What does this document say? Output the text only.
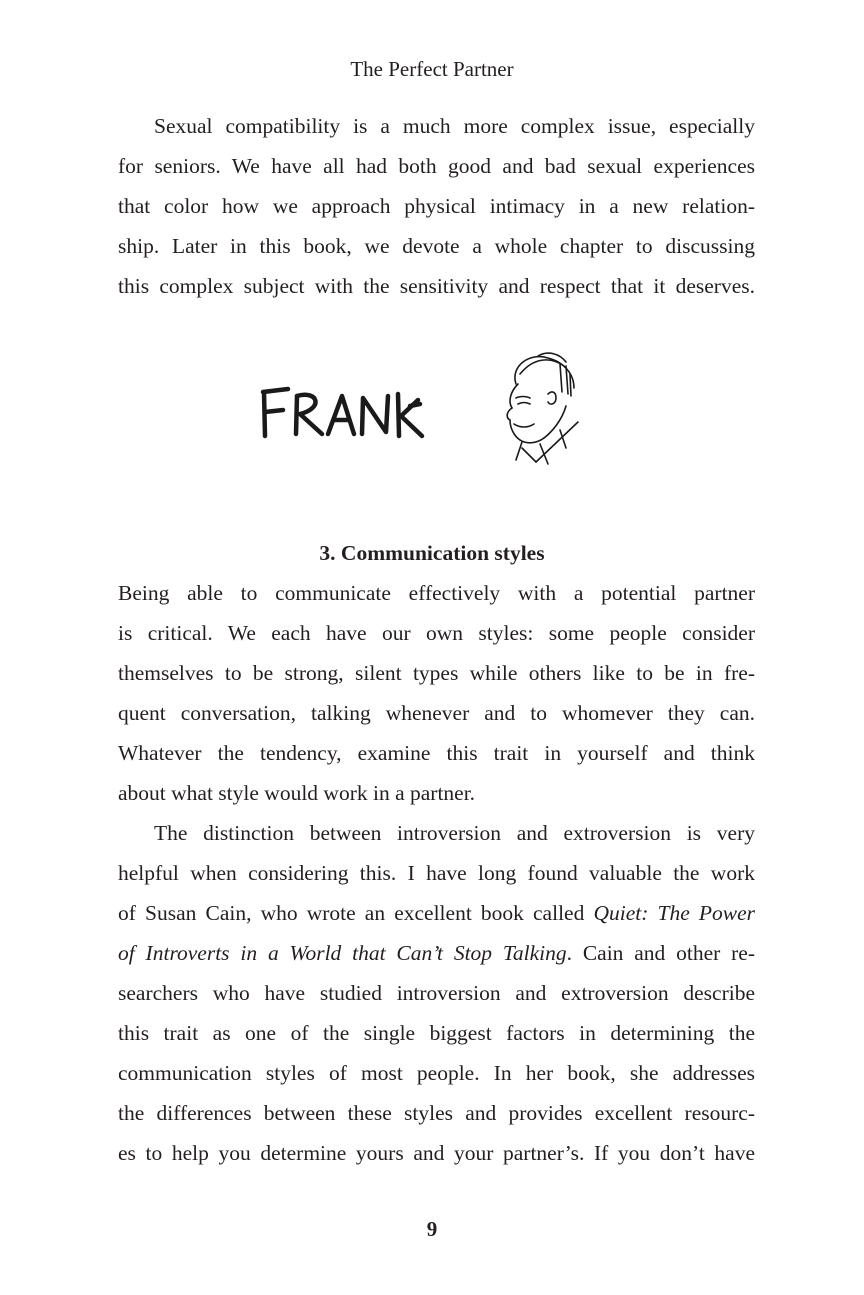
The Perfect Partner
Sexual compatibility is a much more complex issue, especially
for seniors. We have all had both good and bad sexual experiences
that color how we approach physical intimacy in a new relation-
ship. Later in this book, we devote a whole chapter to discussing
this complex subject with the sensitivity and respect that it deserves.
3. Communication styles
Being able to communicate effectively with a potential partner
is critical. We each have our own styles: some people consider
themselves to be strong, silent types while others like to be in fre-
quent conversation, talking whenever and to whomever they can.
Whatever the tendency, examine this trait in yourself and think
about what style would work in a partner.
The distinction between introversion and extroversion is very
helpful when considering this. I have long found valuable the work
of Susan Cain, who wrote an excellent book called Quiet: The Power
of Introverts in a World that Can’t Stop Talking. Cain and other re-
searchers who have studied introversion and extroversion describe
this trait as one of the single biggest factors in determining the
communication styles of most people. In her book, she addresses
the differences between these styles and provides excellent resourc-
es to help you determine yours and your partner’s. If you don’t have
9
